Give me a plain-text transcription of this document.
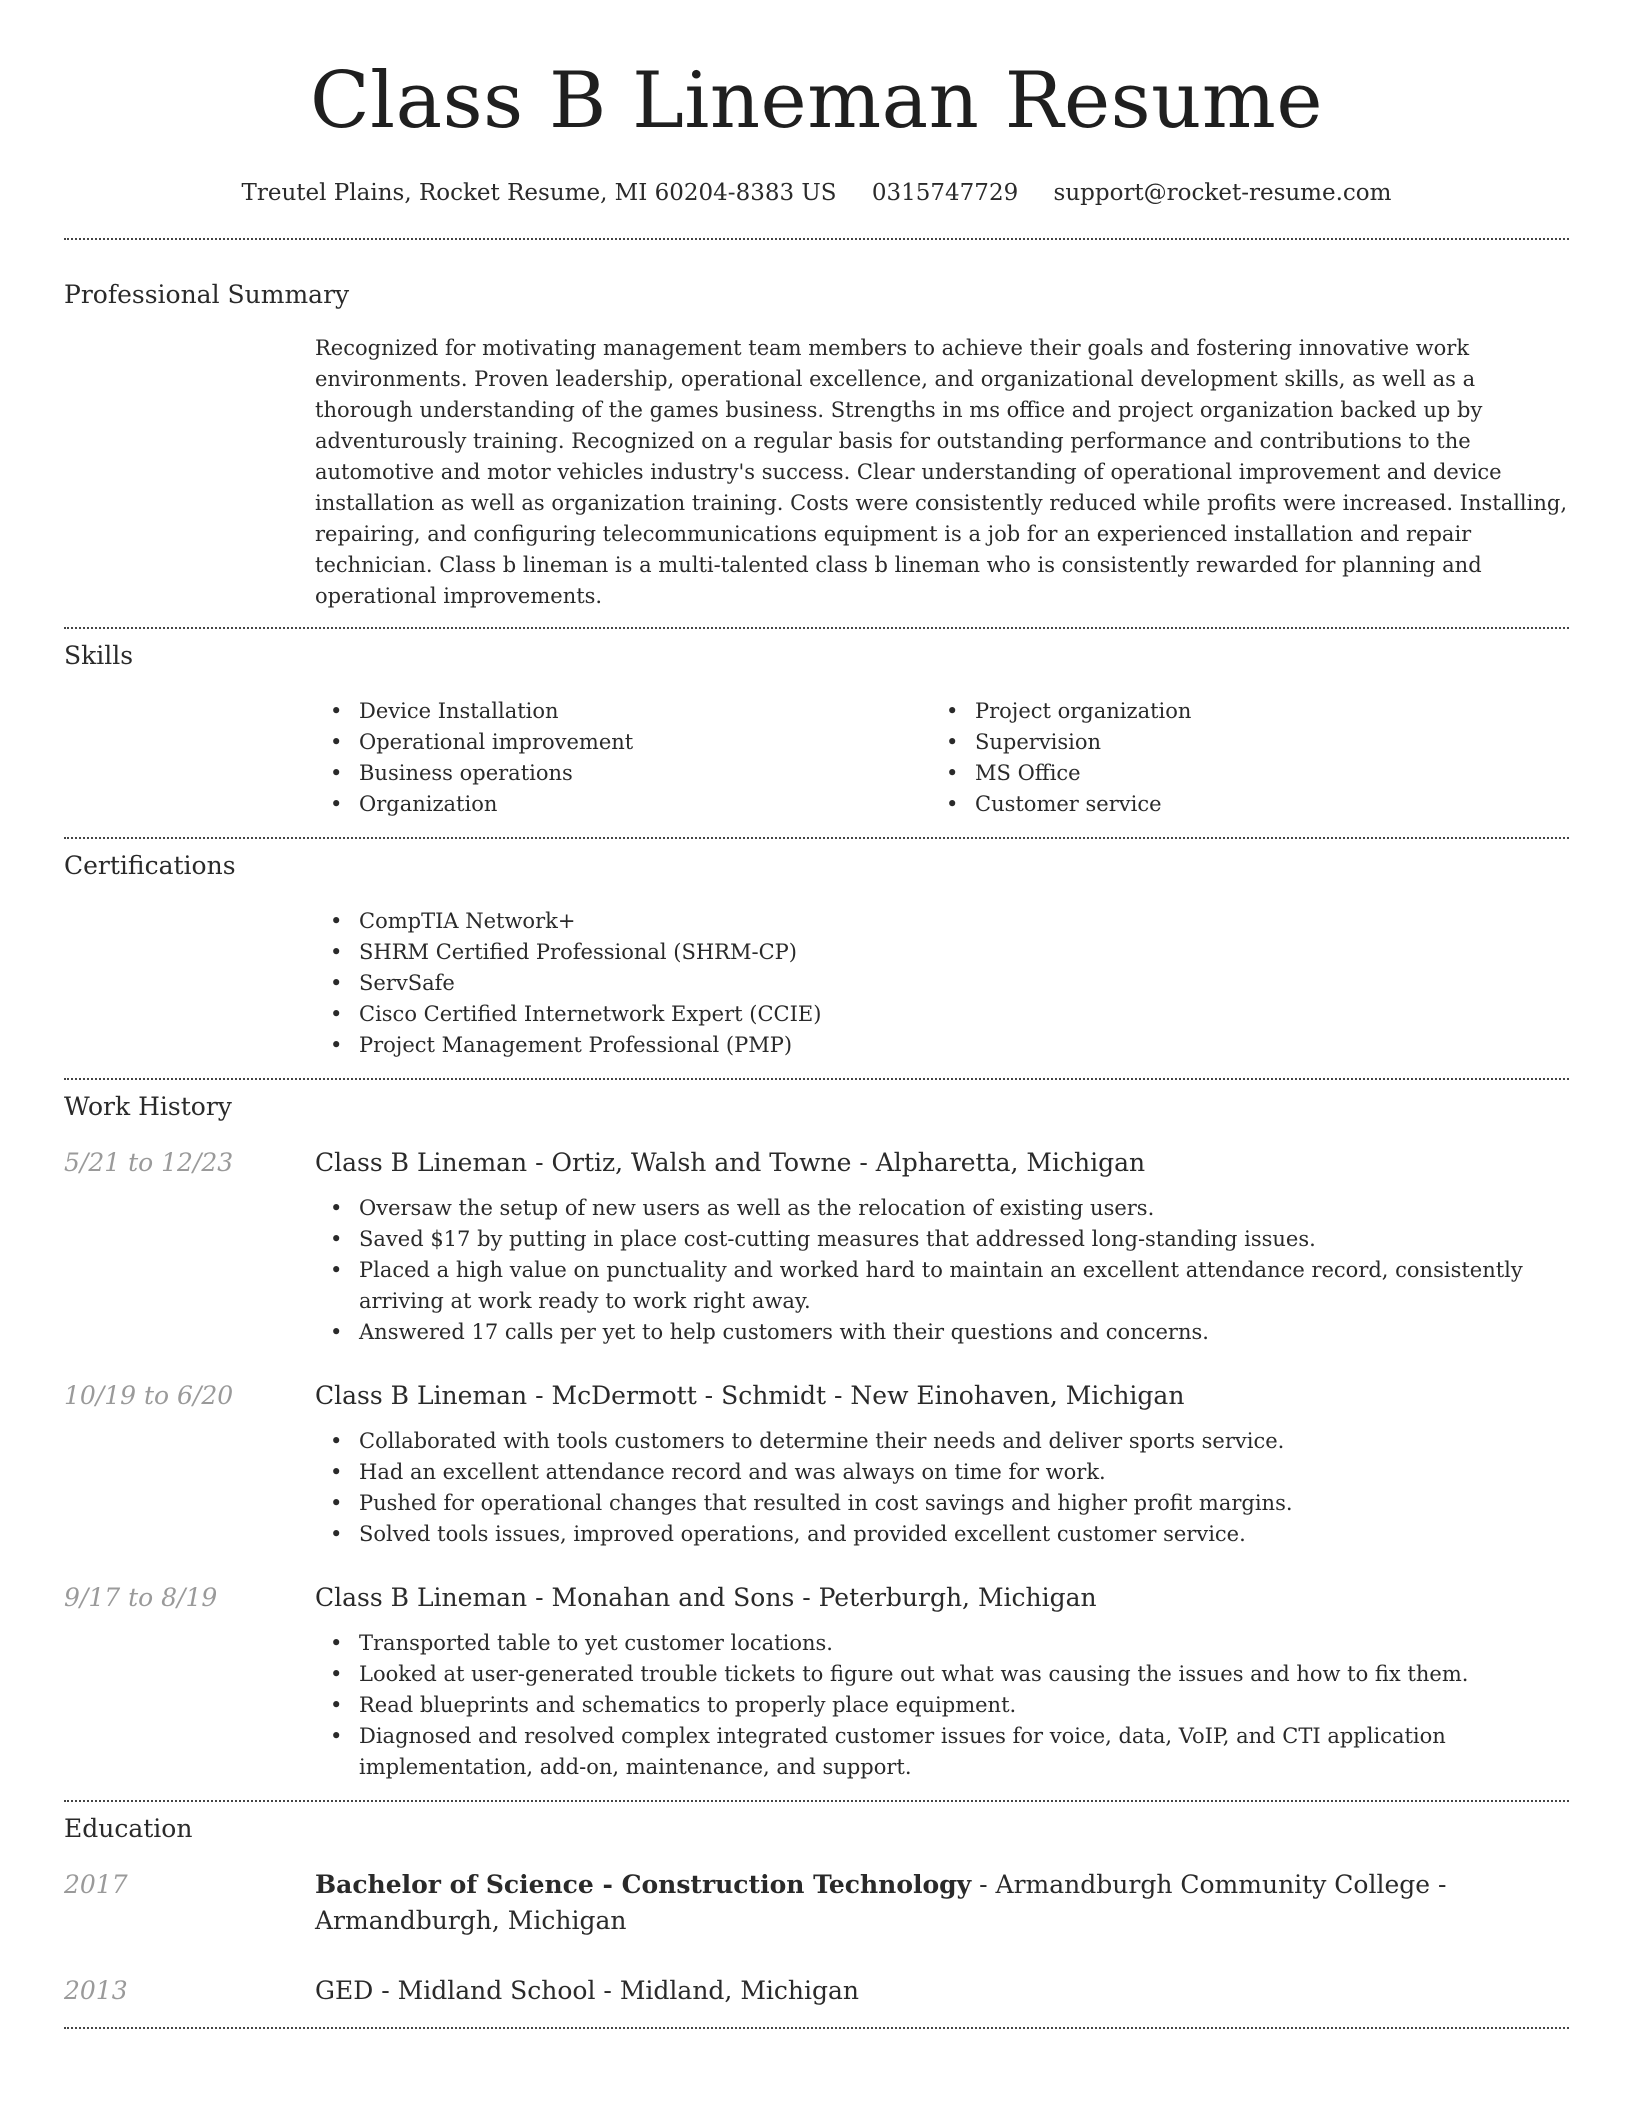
Class B Lineman Resume
Treutel Plains, Rocket Resume, MI 60204-8383 US 0315747729 support@rocket-resume.com
Professional Summary

Recognized for motivating management team members to achieve their goals and fostering innovative work environments. Proven leadership, operational excellence, and organizational development skills, as well as a thorough understanding of the games business. Strengths in ms office and project organization backed up by adventurously training. Recognized on a regular basis for outstanding performance and contributions to the automotive and motor vehicles industry's success. Clear understanding of operational improvement and device installation as well as organization training. Costs were consistently reduced while profits were increased. Installing, repairing, and configuring telecommunications equipment is a job for an experienced installation and repair technician. Class b lineman is a multi-talented class b lineman who is consistently rewarded for planning and operational improvements.

Skills
• Device Installation
• Operational improvement
• Business operations
• Organization
• Project organization
• Supervision
• MS Office
• Customer service
Certifications
• CompTIA Network+
• SHRM Certified Professional (SHRM-CP)
• ServSafe
• Cisco Certified Internetwork Expert (CCIE)
• Project Management Professional (PMP)
Work History
5/21 to 12/23	Class B Lineman - Ortiz, Walsh and Towne - Alpharetta, Michigan
• Oversaw the setup of new users as well as the relocation of existing users.
• Saved $17 by putting in place cost-cutting measures that addressed long-standing issues.
• Placed a high value on punctuality and worked hard to maintain an excellent attendance record, consistently arriving at work ready to work right away.
• Answered 17 calls per yet to help customers with their questions and concerns.
10/19 to 6/20	Class B Lineman - McDermott - Schmidt - New Einohaven, Michigan
• Collaborated with tools customers to determine their needs and deliver sports service.
• Had an excellent attendance record and was always on time for work.
• Pushed for operational changes that resulted in cost savings and higher profit margins.
• Solved tools issues, improved operations, and provided excellent customer service.
9/17 to 8/19	Class B Lineman - Monahan and Sons - Peterburgh, Michigan
• Transported table to yet customer locations.
• Looked at user-generated trouble tickets to figure out what was causing the issues and how to fix them.
• Read blueprints and schematics to properly place equipment.
• Diagnosed and resolved complex integrated customer issues for voice, data, VoIP, and CTI application implementation, add-on, maintenance, and support.
Education
2017	Bachelor of Science - Construction Technology - Armandburgh Community College - Armandburgh, Michigan
2013	GED - Midland School - Midland, Michigan
